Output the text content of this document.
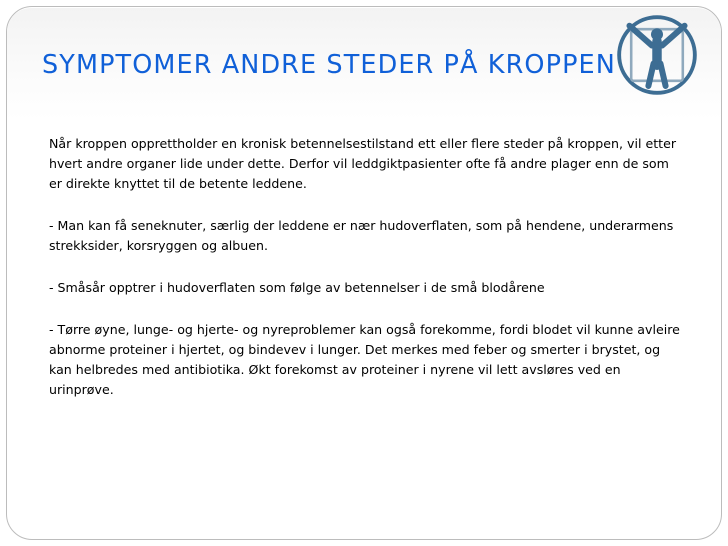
SYMPTOMER ANDRE STEDER PÅ KROPPEN

Når kroppen opprettholder en kronisk betennelsestilstand ett eller flere steder på kroppen, vil etter hvert andre organer lide under dette. Derfor vil leddgiktpasienter ofte få andre plager enn de som er direkte knyttet til de betente leddene.

- Man kan få seneknuter, særlig der leddene er nær hudoverflaten, som på hendene, underarmens strekksider, korsryggen og albuen.

- Småsår opptrer i hudoverflaten som følge av betennelser i de små blodårene

- Tørre øyne, lunge- og hjerte- og nyreproblemer kan også forekomme, fordi blodet vil kunne avleire abnorme proteiner i hjertet, og bindevev i lunger. Det merkes med feber og smerter i brystet, og kan helbredes med antibiotika. Økt forekomst av proteiner i nyrene vil lett avsløres ved en urinprøve.
